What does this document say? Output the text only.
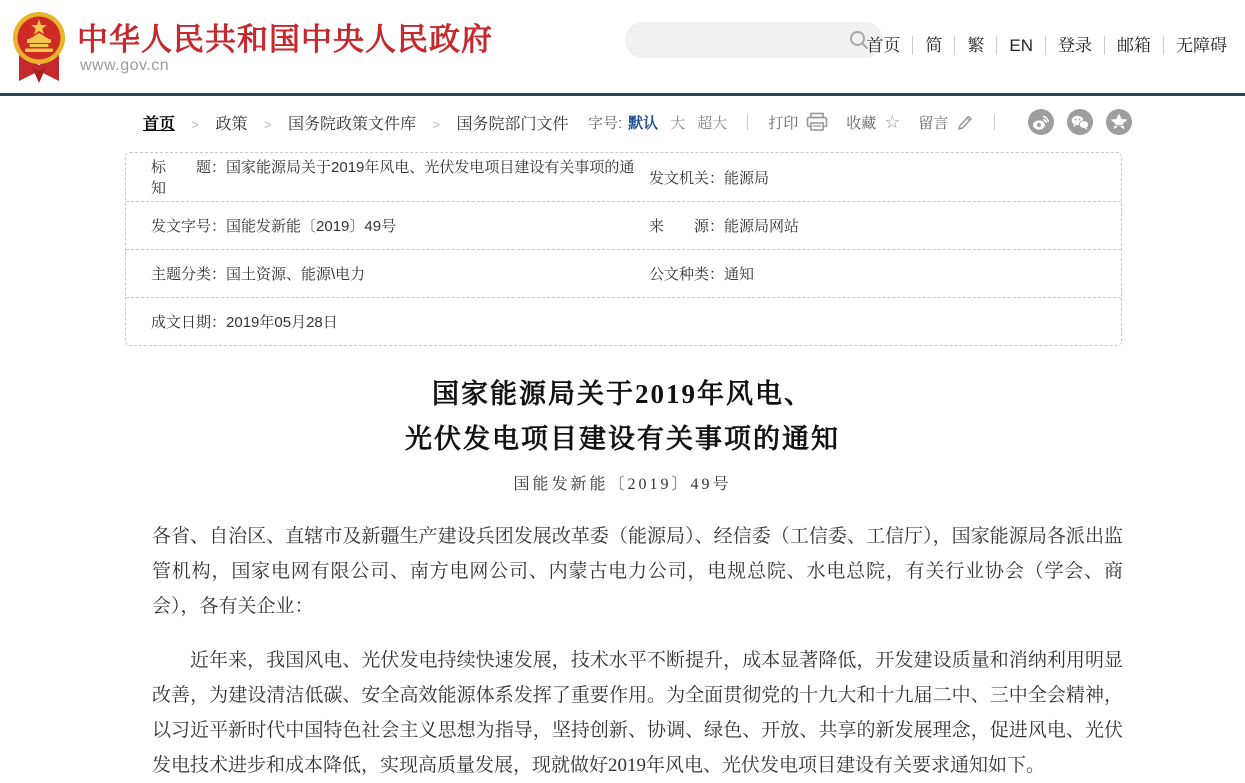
中华人民共和国中央人民政府
www.gov.cn
首页 简 繁 EN 登录 邮箱 无障碍
首页 > 政策 > 国务院政策文件库 > 国务院部门文件 字号: 默认 大 超大	打印	收藏 ☆ 留言
标　　题：国家能源局关于2019年风电、光伏发电项目建设有关事项的通知
发文机关：能源局
发文字号：国能发新能〔2019〕49号	来　　源：能源局网站
主题分类：国土资源、能源\电力	公文种类：通知
成文日期：2019年05月28日
国家能源局关于2019年风电、
光伏发电项目建设有关事项的通知
国能发新能〔2019〕49号

各省、自治区、直辖市及新疆生产建设兵团发展改革委（能源局）、经信委（工信委、工信厅），国家能源局各派出监管机构，国家电网有限公司、南方电网公司、内蒙古电力公司，电规总院、水电总院，有关行业协会（学会、商会），各有关企业：

近年来，我国风电、光伏发电持续快速发展，技术水平不断提升，成本显著降低，开发建设质量和消纳利用明显改善，为建设清洁低碳、安全高效能源体系发挥了重要作用。为全面贯彻党的十九大和十九届二中、三中全会精神，以习近平新时代中国特色社会主义思想为指导，坚持创新、协调、绿色、开放、共享的新发展理念，促进风电、光伏发电技术进步和成本降低，实现高质量发展，现就做好2019年风电、光伏发电项目建设有关要求通知如下。
